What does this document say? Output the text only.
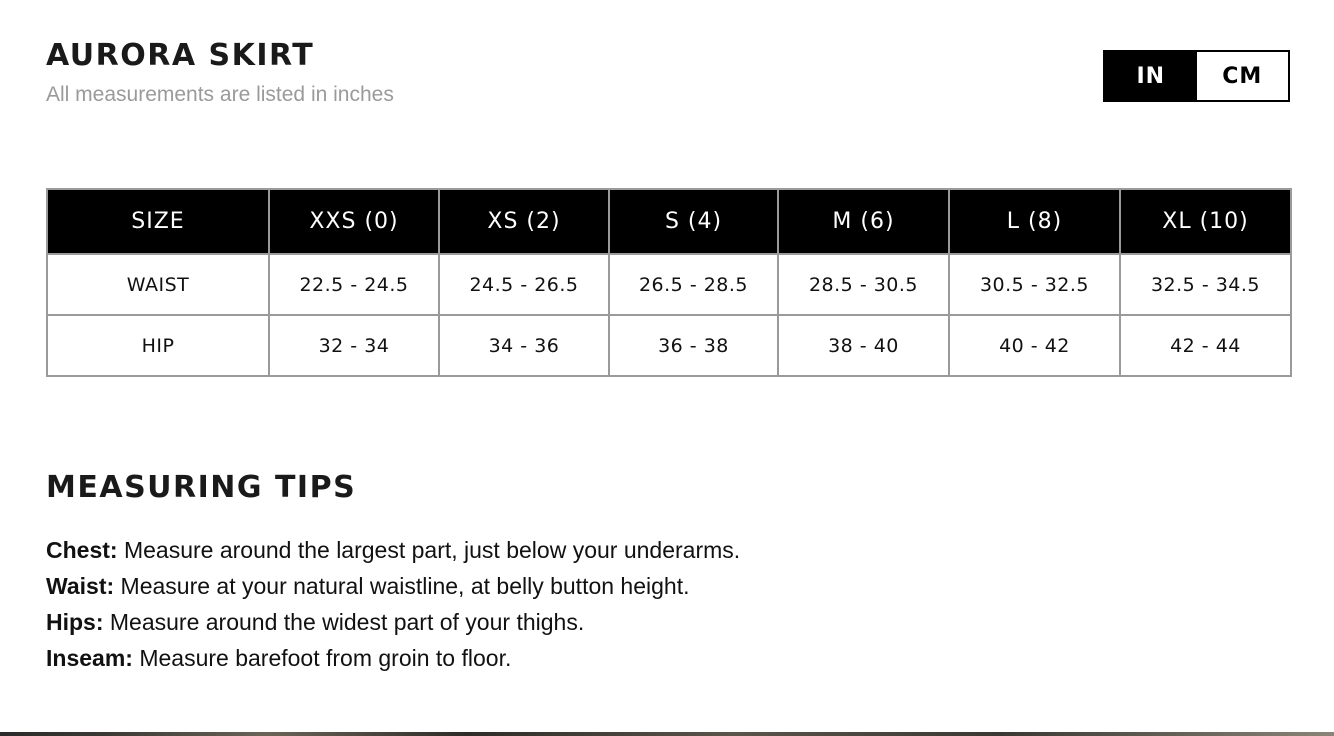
AURORA SKIRT
All measurements are listed in inches
IN	CM
SIZE	XXS (0)	XS (2)	S (4)	M (6)	L (8)	XL (10)
WAIST	22.5 - 24.5	24.5 - 26.5	26.5 - 28.5	28.5 - 30.5	30.5 - 32.5	32.5 - 34.5
HIP	32 - 34	34 - 36	36 - 38	38 - 40	40 - 42	42 - 44
MEASURING TIPS
Chest: Measure around the largest part, just below your underarms.
Waist: Measure at your natural waistline, at belly button height.
Hips: Measure around the widest part of your thighs.
Inseam: Measure barefoot from groin to floor.
